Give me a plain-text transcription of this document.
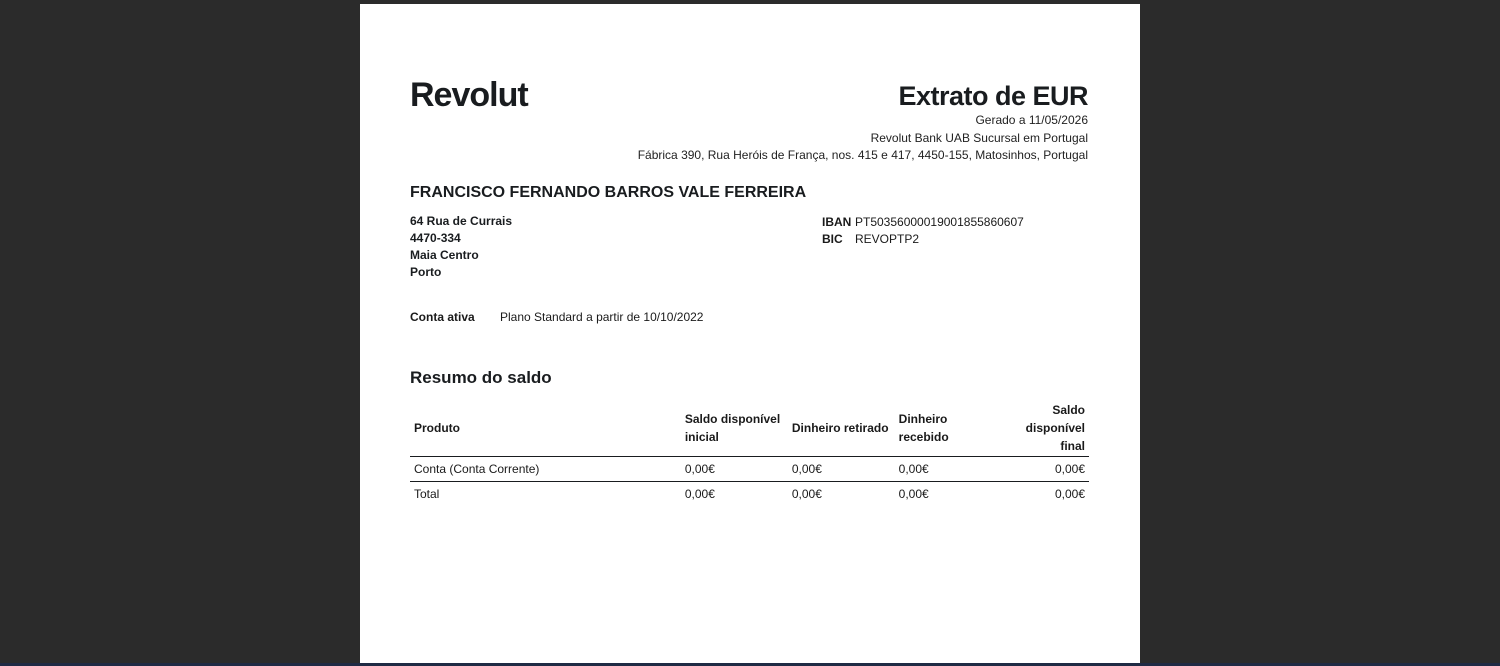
Revolut	Extrato de EUR
Gerado a 11/05/2026
Revolut Bank UAB Sucursal em Portugal
Fábrica 390, Rua Heróis de França, nos. 415 e 417, 4450-155, Matosinhos, Portugal
FRANCISCO FERNANDO BARROS VALE FERREIRA
64 Rua de Currais
4470-334
Maia Centro
Porto
IBAN PT50356000019001855860607
BIC	REVOPTP2
Conta ativa	Plano Standard a partir de 10/10/2022
Resumo do saldo
Produto	Saldo disponível inicial	Dinheiro retirado	Dinheiro recebido	Saldo disponível final
Conta (Conta Corrente)	0,00€	0,00€	0,00€	0,00€
Total	0,00€	0,00€	0,00€	0,00€
